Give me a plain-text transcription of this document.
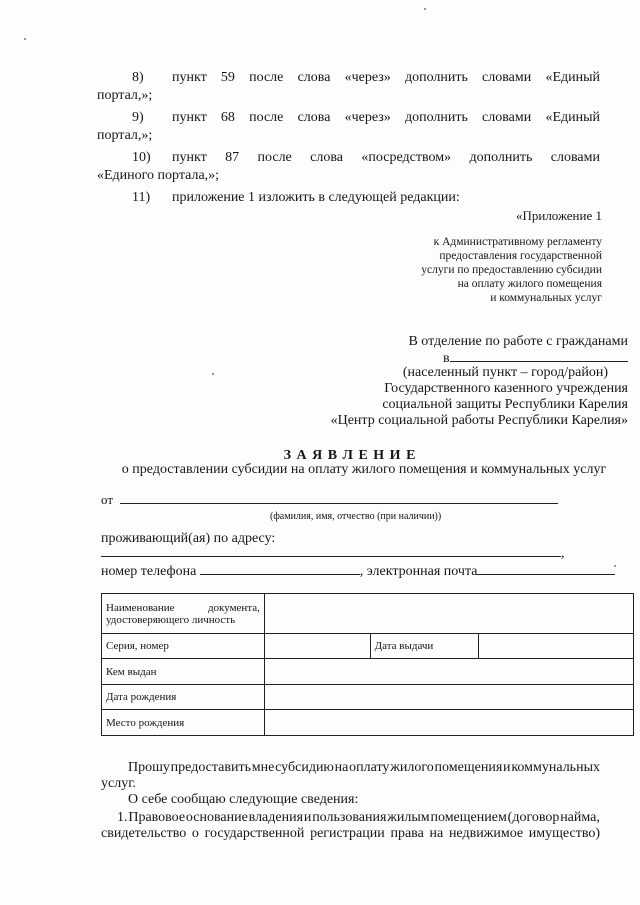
8) пункт 59 после слова «через» дополнить словами «Единый
портал,»;
9) пункт 68 после слова «через» дополнить словами «Единый
портал,»;
10) пункт 87 после слова «посредством» дополнить словами
«Единого портала,»;
11) приложение 1 изложить в следующей редакции:
«Приложение 1
к Административному регламенту
предоставления государственной
услуги по предоставлению субсидии
на оплату жилого помещения
и коммунальных услуг
В отделение по работе с гражданами
в
(населенный пункт – город/район)
Государственного казенного учреждения
социальной защиты Республики Карелия
«Центр социальной работы Республики Карелия»
З А Я В Л Е Н И Е
о предоставлении субсидии на оплату жилого помещения и коммунальных услуг
от
(фамилия, имя, отчество (при наличии))
проживающий(ая) по адресу:
,
номер телефона	, электронная почта
Наименование документа,
удостоверяющего личность			

Серия, номер		Дата выдачи	
Кем выдан			
Дата рождения			
Место рождения			
Прошу предоставить мне субсидию на оплату жилого помещения и коммунальных
услуг.
О себе сообщаю следующие сведения:
1. Правовое основание владения и пользования жилым помещением (договор найма,
свидетельство о государственной регистрации права на недвижимое имущество)
